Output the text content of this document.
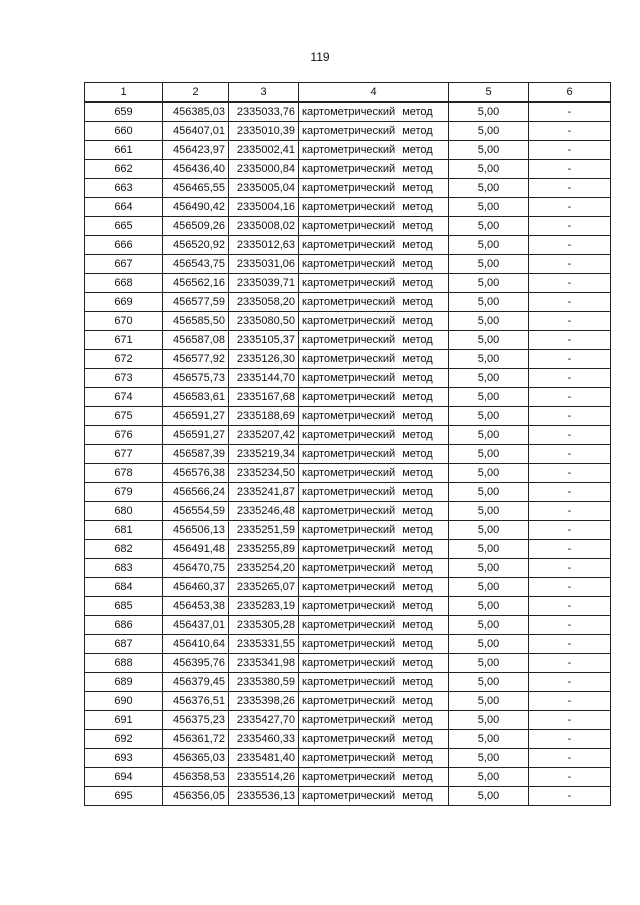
119
1	2	3	4	5	6
659	456385,03	2335033,76	картометрический метод	5,00	-
660	456407,01	2335010,39	картометрический метод	5,00	-
661	456423,97	2335002,41	картометрический метод	5,00	-
662	456436,40	2335000,84	картометрический метод	5,00	-
663	456465,55	2335005,04	картометрический метод	5,00	-
664	456490,42	2335004,16	картометрический метод	5,00	-
665	456509,26	2335008,02	картометрический метод	5,00	-
666	456520,92	2335012,63	картометрический метод	5,00	-
667	456543,75	2335031,06	картометрический метод	5,00	-
668	456562,16	2335039,71	картометрический метод	5,00	-
669	456577,59	2335058,20	картометрический метод	5,00	-
670	456585,50	2335080,50	картометрический метод	5,00	-
671	456587,08	2335105,37	картометрический метод	5,00	-
672	456577,92	2335126,30	картометрический метод	5,00	-
673	456575,73	2335144,70	картометрический метод	5,00	-
674	456583,61	2335167,68	картометрический метод	5,00	-
675	456591,27	2335188,69	картометрический метод	5,00	-
676	456591,27	2335207,42	картометрический метод	5,00	-
677	456587,39	2335219,34	картометрический метод	5,00	-
678	456576,38	2335234,50	картометрический метод	5,00	-
679	456566,24	2335241,87	картометрический метод	5,00	-
680	456554,59	2335246,48	картометрический метод	5,00	-
681	456506,13	2335251,59	картометрический метод	5,00	-
682	456491,48	2335255,89	картометрический метод	5,00	-
683	456470,75	2335254,20	картометрический метод	5,00	-
684	456460,37	2335265,07	картометрический метод	5,00	-
685	456453,38	2335283,19	картометрический метод	5,00	-
686	456437,01	2335305,28	картометрический метод	5,00	-
687	456410,64	2335331,55	картометрический метод	5,00	-
688	456395,76	2335341,98	картометрический метод	5,00	-
689	456379,45	2335380,59	картометрический метод	5,00	-
690	456376,51	2335398,26	картометрический метод	5,00	-
691	456375,23	2335427,70	картометрический метод	5,00	-
692	456361,72	2335460,33	картометрический метод	5,00	-
693	456365,03	2335481,40	картометрический метод	5,00	-
694	456358,53	2335514,26	картометрический метод	5,00	-
695	456356,05	2335536,13	картометрический метод	5,00	-
